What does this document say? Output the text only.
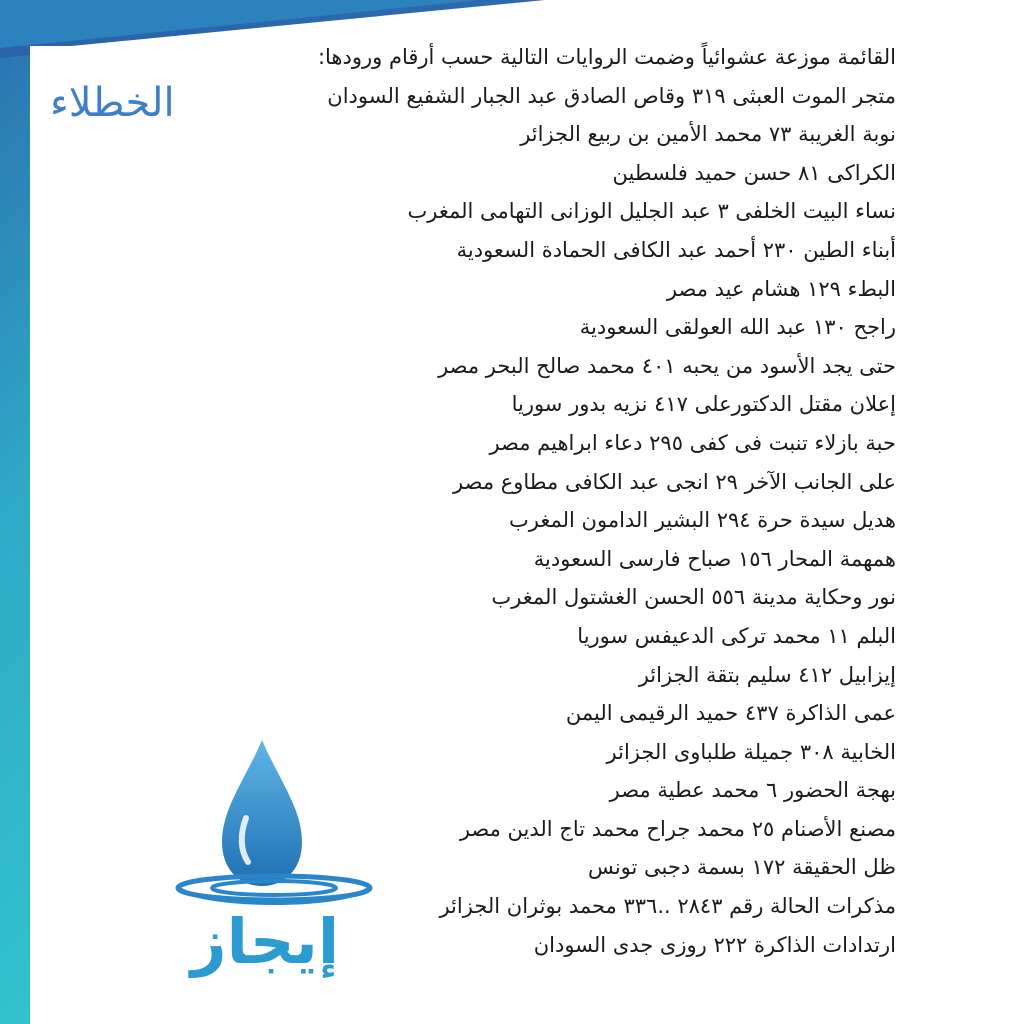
الخطلاء

القائمة موزعة عشوائياً وضمت الروايات التالية حسب أرقام ورودها:

متجر الموت العبثى ٣١٩ وقاص الصادق عبد الجبار الشفيع السودان

نوبة الغريبة ٧٣ محمد الأمين بن ربيع الجزائر

الكراكى ٨١ حسن حميد فلسطين

نساء البيت الخلفى ٣ عبد الجليل الوزانى التهامى المغرب

أبناء الطين ٢٣٠ أحمد عبد الكافى الحمادة السعودية

البطء ١٢٩ هشام عيد مصر

راجح ١٣٠ عبد الله العولقى السعودية

حتى يجد الأسود من يحبه ٤٠١ محمد صالح البحر مصر

إعلان مقتل الدكتورعلى ٤١٧ نزيه بدور سوريا

حبة بازلاء تنبت فى كفى ٢٩٥ دعاء ابراهيم مصر

على الجانب الآخر ٢٩ انجى عبد الكافى مطاوع مصر

هديل سيدة حرة ٢٩٤ البشير الدامون المغرب

همهمة المحار ١٥٦ صباح فارسى السعودية

نور وحكاية مدينة ٥٥٦ الحسن الغشتول المغرب

البلم ١١ محمد تركى الدعيفس سوريا

إيزابيل ٤١٢ سليم بتقة الجزائر

عمى الذاكرة ٤٣٧ حميد الرقيمى اليمن

الخابية ٣٠٨ جميلة طلباوى الجزائر

بهجة الحضور ٦ محمد عطية مصر

مصنع الأصنام ٢٥ محمد جراح محمد تاج الدين مصر

ظل الحقيقة ١٧٢ بسمة دجبى تونس

مذكرات الحالة رقم ٢٨٤٣ ..٣٣٦ محمد بوثران الجزائر

ارتدادات الذاكرة ٢٢٢ روزى جدى السودان

إيجاز
